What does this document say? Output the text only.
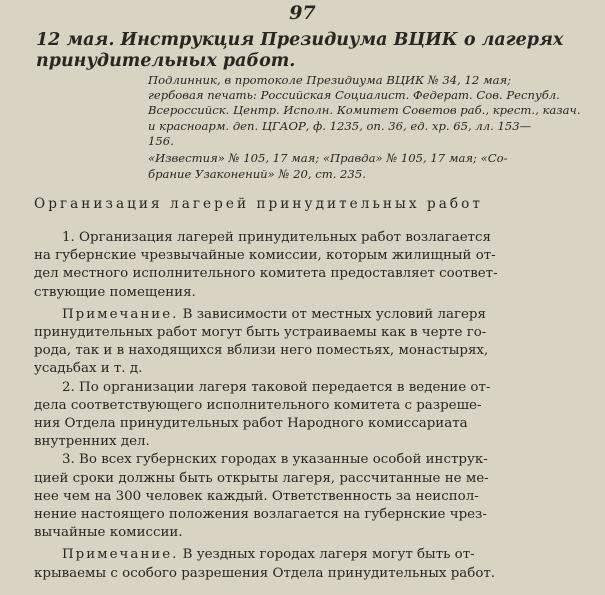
97
12 мая. Инструкция Президиума ВЦИК о лагерях
принудительных работ.
Подлинник, в протоколе Президиума ВЦИК № 34, 12 мая;
гербовая печать: Российская Социалист. Федерат. Сов. Республ.
Всероссийск. Центр. Исполн. Комитет Советов раб., крест., казач.
и красноарм. деп. ЦГАОР, ф. 1235, оп. 36, ед. хр. 65, лл. 153—
156.
«Известия» № 105, 17 мая; «Правда» № 105, 17 мая; «Со-
брание Узаконений» № 20, ст. 235.
Организация лагерей принудительных работ

1. Организация лагерей принудительных работ возлагается
на губернские чрезвычайные комиссии, которым жилищный от-
дел местного исполнительного комитета предоставляет соответ-
ствующие помещения.

Примечание. В зависимости от местных условий лагеря
принудительных работ могут быть устраиваемы как в черте го-
рода, так и в находящихся вблизи него поместьях, монастырях,
усадьбах и т. д.

2. По организации лагеря таковой передается в ведение от-
дела соответствующего исполнительного комитета с разреше-
ния Отдела принудительных работ Народного комиссариата
внутренних дел.

3. Во всех губернских городах в указанные особой инструк-
цией сроки должны быть открыты лагеря, рассчитанные не ме-
нее чем на 300 человек каждый. Ответственность за неиспол-
нение настоящего положения возлагается на губернские чрез-
вычайные комиссии.

Примечание. В уездных городах лагеря могут быть от-
крываемы с особого разрешения Отдела принудительных работ.
